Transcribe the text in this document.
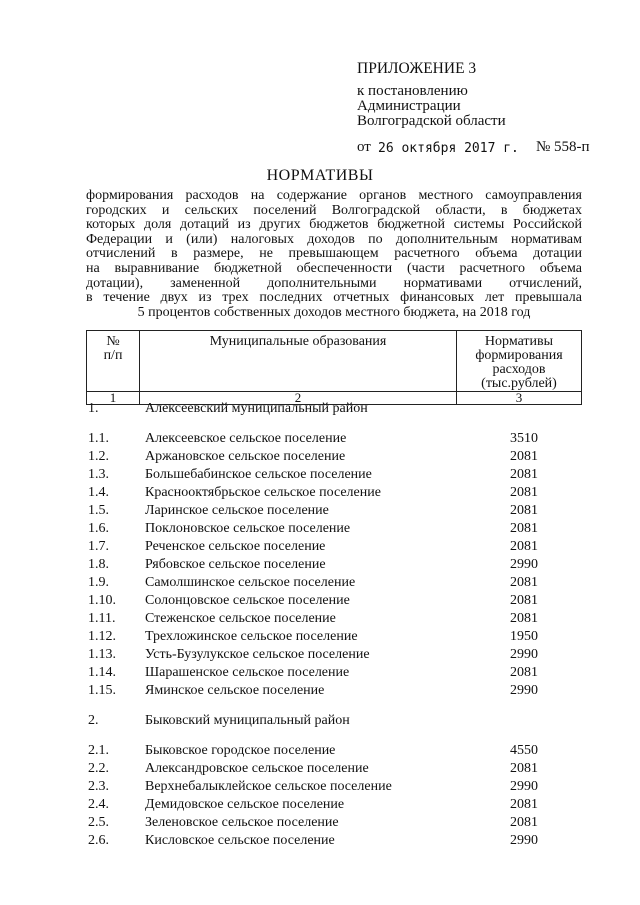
ПРИЛОЖЕНИЕ 3
к постановлению
Администрации
Волгоградской области
от 26 октября 2017 г. № 558-п
НОРМАТИВЫ
формирования расходов на содержание органов местного самоуправления
городских и сельских поселений Волгоградской области, в бюджетах
которых доля дотаций из других бюджетов бюджетной системы Российской
Федерации и (или) налоговых доходов по дополнительным нормативам
отчислений в размере, не превышающем расчетного объема дотации
на выравнивание бюджетной обеспеченности (части расчетного объема
дотации), замененной дополнительными нормативами отчислений,
в течение двух из трех последних отчетных финансовых лет превышала
5 процентов собственных доходов местного бюджета, на 2018 год
№
п/п	Муниципальные образования	Нормативы
формирования
расходов
(тыс.рублей)
1	2	3
1.	Алексеевский муниципальный район
1.1.	Алексеевское сельское поселение	3510
1.2.	Аржановское сельское поселение	2081
1.3.	Большебабинское сельское поселение	2081
1.4.	Краснооктябрьское сельское поселение	2081
1.5.	Ларинское сельское поселение	2081
1.6.	Поклоновское сельское поселение	2081
1.7.	Реченское сельское поселение	2081
1.8.	Рябовское сельское поселение	2990
1.9.	Самолшинское сельское поселение	2081
1.10. Солонцовское сельское поселение	2081
1.11. Стеженское сельское поселение	2081
1.12. Трехложинское сельское поселение	1950
1.13. Усть-Бузулукское сельское поселение	2990
1.14. Шарашенское сельское поселение	2081
1.15. Яминское сельское поселение	2990
2.	Быковский муниципальный район
2.1.	Быковское городское поселение	4550
2.2.	Александровское сельское поселение	2081
2.3.	Верхнебалыклейское сельское поселение	2990
2.4.	Демидовское сельское поселение	2081
2.5.	Зеленовское сельское поселение	2081
2.6.	Кисловское сельское поселение	2990
